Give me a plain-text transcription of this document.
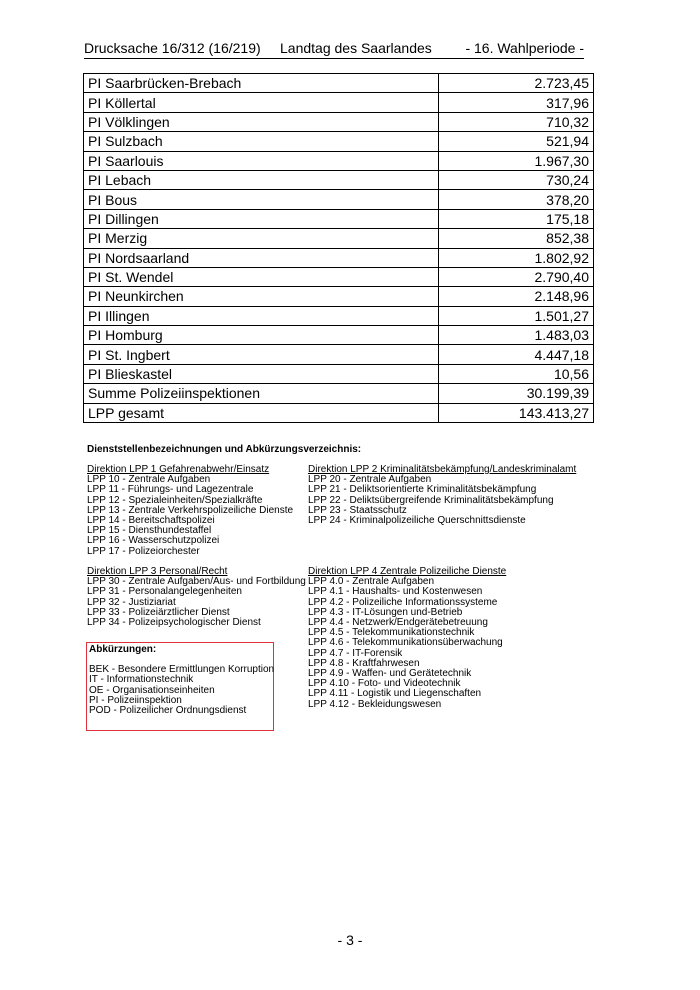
Drucksache 16/312 (16/219) Landtag des Saarlandes - 16. Wahlperiode -
PI Saarbrücken-Brebach	2.723,45
PI Köllertal	317,96
PI Völklingen	710,32
PI Sulzbach	521,94
PI Saarlouis	1.967,30
PI Lebach	730,24
PI Bous	378,20
PI Dillingen	175,18
PI Merzig	852,38
PI Nordsaarland	1.802,92
PI St. Wendel	2.790,40
PI Neunkirchen	2.148,96
PI Illingen	1.501,27
PI Homburg	1.483,03
PI St. Ingbert	4.447,18
PI Blieskastel	10,56
Summe Polizeiinspektionen	30.199,39
LPP gesamt	143.413,27
Dienststellenbezeichnungen und Abkürzungsverzeichnis:
Direktion LPP 1 Gefahrenabwehr/Einsatz
LPP 10 - Zentrale Aufgaben
LPP 11 - Führungs- und Lagezentrale
LPP 12 - Spezialeinheiten/Spezialkräfte
LPP 13 - Zentrale Verkehrspolizeiliche Dienste
LPP 14 - Bereitschaftspolizei
LPP 15 - Diensthundestaffel
LPP 16 - Wasserschutzpolizei
LPP 17 - Polizeiorchester
Direktion LPP 2 Kriminalitätsbekämpfung/Landeskriminalamt
LPP 20 - Zentrale Aufgaben
LPP 21 - Deliktsorientierte Kriminalitätsbekämpfung
LPP 22 - Deliktsübergreifende Kriminalitätsbekämpfung
LPP 23 - Staatsschutz
LPP 24 - Kriminalpolizeiliche Querschnittsdienste
Direktion LPP 3 Personal/Recht
LPP 30 - Zentrale Aufgaben/Aus- und Fortbildung
LPP 31 - Personalangelegenheiten
LPP 32 - Justiziariat
LPP 33 - Polizeiärztlicher Dienst
LPP 34 - Polizeipsychologischer Dienst
Direktion LPP 4 Zentrale Polizeiliche Dienste
LPP 4.0 - Zentrale Aufgaben
LPP 4.1 - Haushalts- und Kostenwesen
LPP 4.2 - Polizeiliche Informationssysteme
LPP 4.3 - IT-Lösungen und-Betrieb
LPP 4.4 - Netzwerk/Endgerätebetreuung
LPP 4.5 - Telekommunikationstechnik
LPP 4.6 - Telekommunikationsüberwachung
LPP 4.7 - IT-Forensik
LPP 4.8 - Kraftfahrwesen
LPP 4.9 - Waffen- und Gerätetechnik
LPP 4.10 - Foto- und Videotechnik
LPP 4.11 - Logistik und Liegenschaften
LPP 4.12 - Bekleidungswesen
Abkürzungen:
BEK - Besondere Ermittlungen Korruption
IT - Informationstechnik
OE - Organisationseinheiten
PI - Polizeiinspektion
POD - Polizeilicher Ordnungsdienst
- 3 -
